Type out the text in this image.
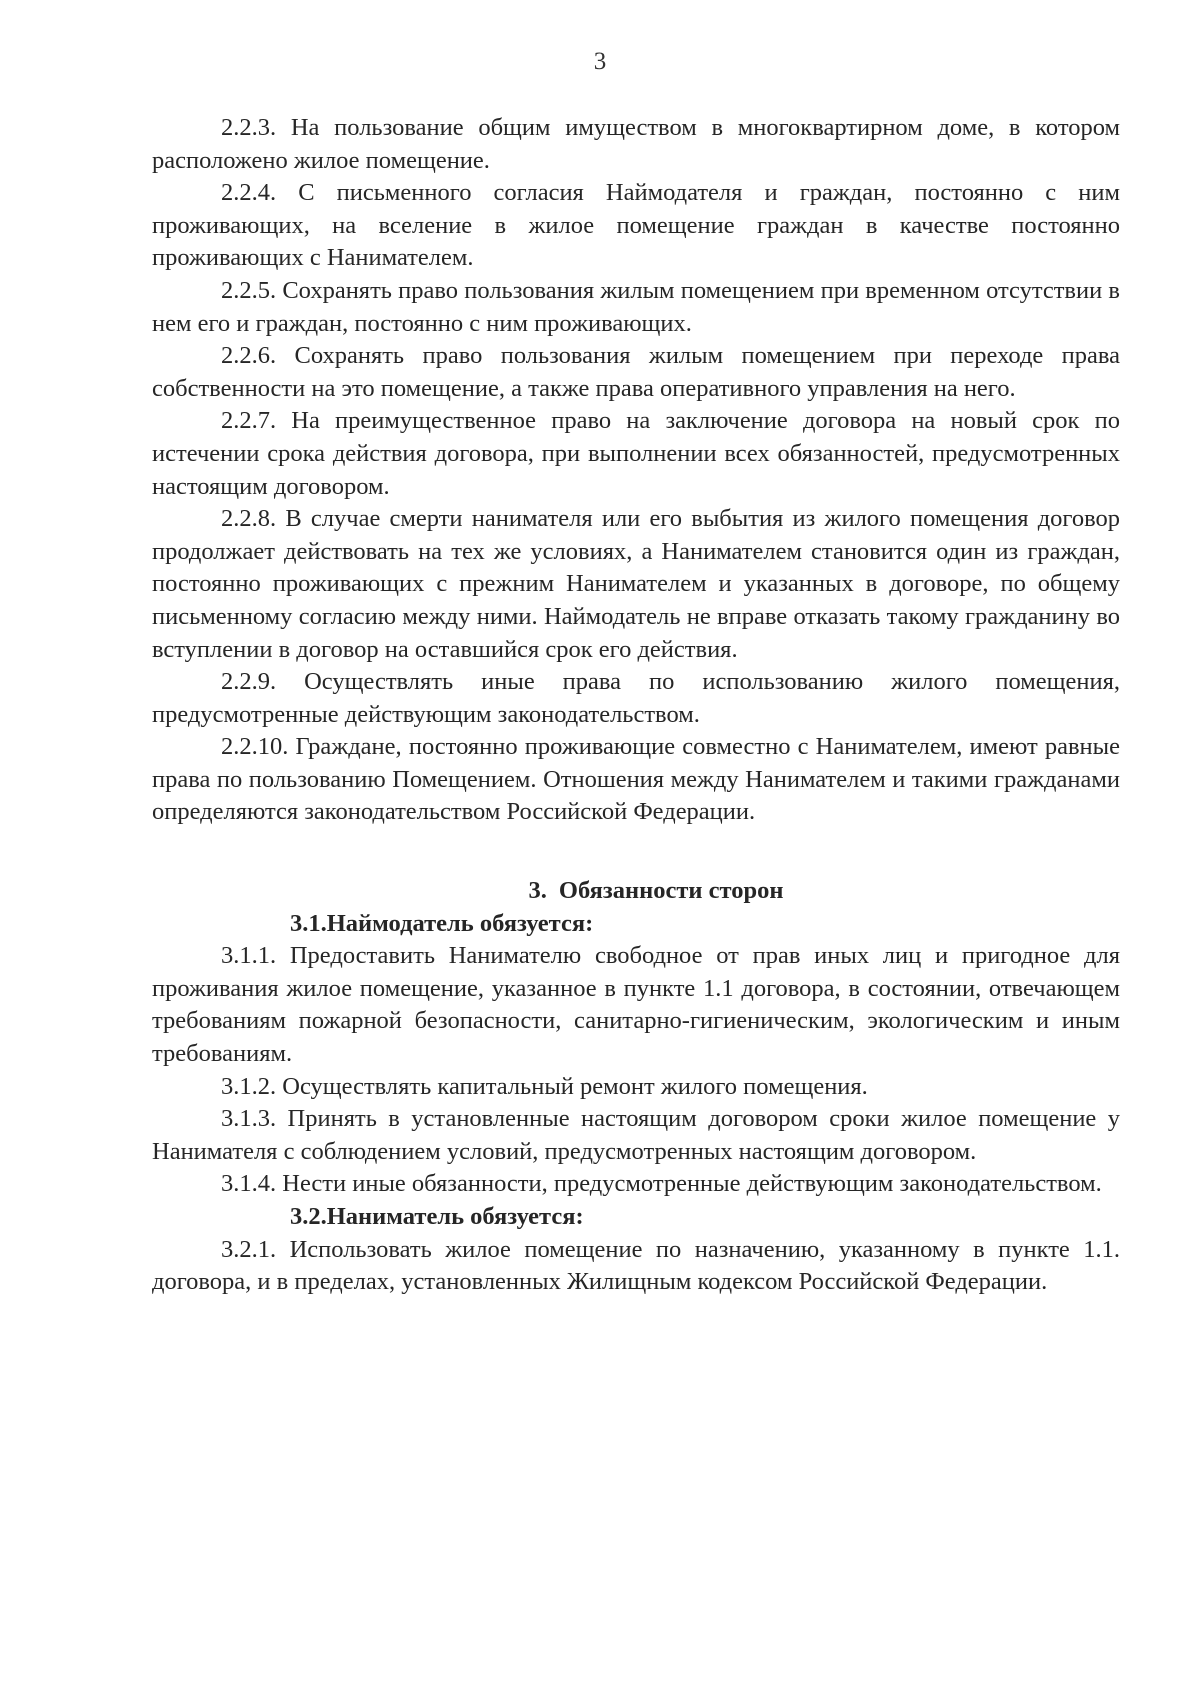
3

2.2.3. На пользование общим имуществом в многоквартирном доме, в котором расположено жилое помещение.

2.2.4. С письменного согласия Наймодателя и граждан, постоянно с ним проживающих, на вселение в жилое помещение граждан в качестве постоянно проживающих с Нанимателем.

2.2.5. Сохранять право пользования жилым помещением при временном отсутствии в нем его и граждан, постоянно с ним проживающих.

2.2.6. Сохранять право пользования жилым помещением при переходе права собственности на это помещение, а также права оперативного управления на него.

2.2.7. На преимущественное право на заключение договора на новый срок по истечении срока действия договора, при выполнении всех обязанностей, предусмотренных настоящим договором.

2.2.8. В случае смерти нанимателя или его выбытия из жилого помещения договор продолжает действовать на тех же условиях, а Нанимателем становится один из граждан, постоянно проживающих с прежним Нанимателем и указанных в договоре, по общему письменному согласию между ними. Наймодатель не вправе отказать такому гражданину во вступлении в договор на оставшийся срок его действия.

2.2.9. Осуществлять иные права по использованию жилого помещения, предусмотренные действующим законодательством.

2.2.10. Граждане, постоянно проживающие совместно с Нанимателем, имеют равные права по пользованию Помещением. Отношения между Нанимателем и такими гражданами определяются законодательством Российской Федерации.

3. Обязанности сторон
3.1.Наймодатель обязуется:

3.1.1. Предоставить Нанимателю свободное от прав иных лиц и пригодное для проживания жилое помещение, указанное в пункте 1.1 договора, в состоянии, отвечающем требованиям пожарной безопасности, санитарно-гигиеническим, экологическим и иным требованиям.

3.1.2. Осуществлять капитальный ремонт жилого помещения.

3.1.3. Принять в установленные настоящим договором сроки жилое помещение у Нанимателя с соблюдением условий, предусмотренных настоящим договором.

3.1.4. Нести иные обязанности, предусмотренные действующим законодательством.

3.2.Наниматель обязуется:

3.2.1. Использовать жилое помещение по назначению, указанному в пункте 1.1. договора, и в пределах, установленных Жилищным кодексом Российской Федерации.
